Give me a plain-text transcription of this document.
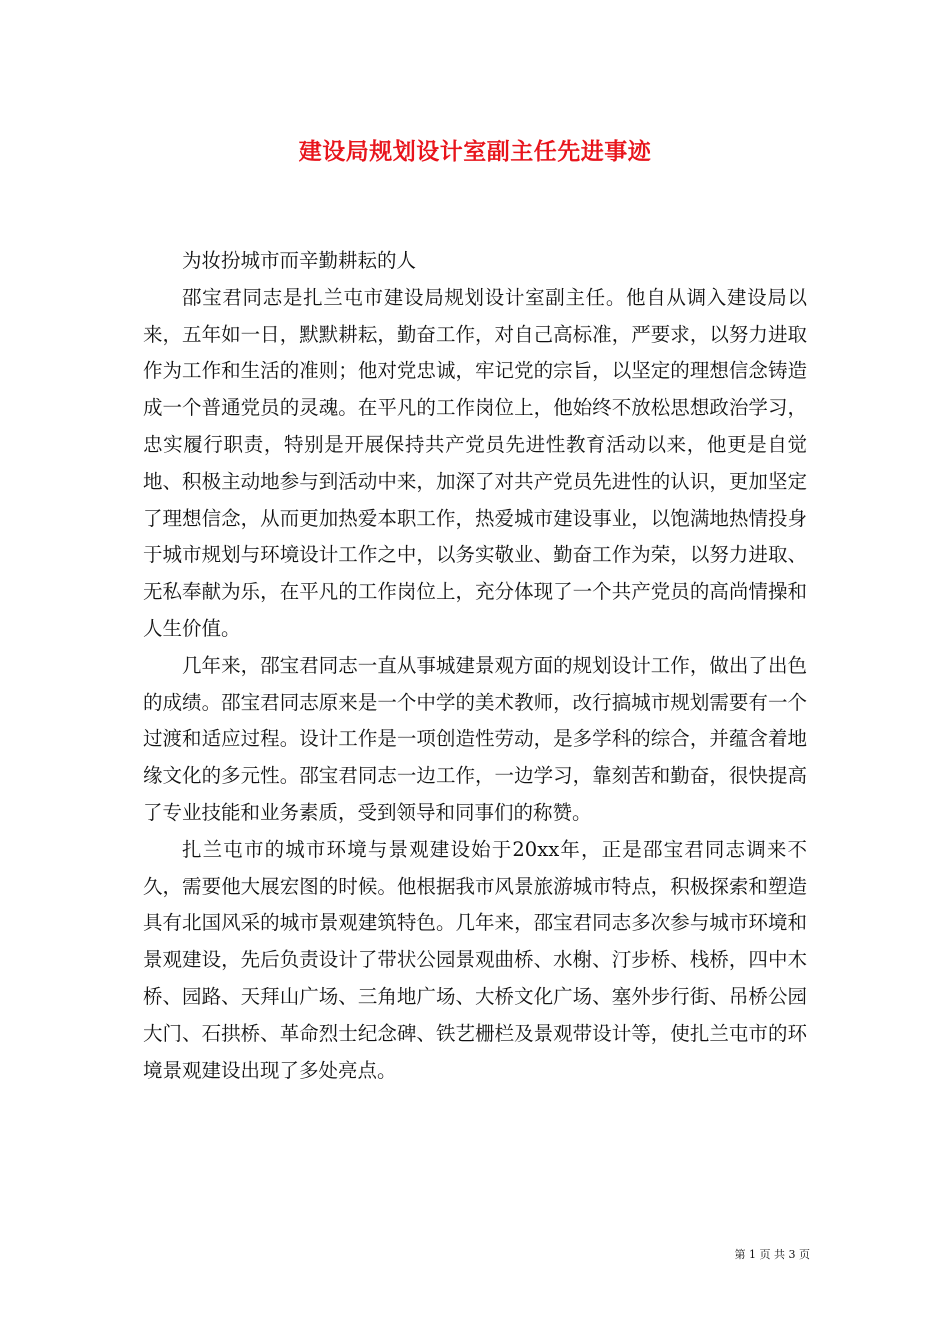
建设局规划设计室副主任先进事迹

为妆扮城市而辛勤耕耘的人

邵宝君同志是扎兰屯市建设局规划设计室副主任。他自从调入建设局以来，五年如一日，默默耕耘，勤奋工作，对自己高标准，严要求，以努力进取作为工作和生活的准则；他对党忠诚，牢记党的宗旨，以坚定的理想信念铸造成一个普通党员的灵魂。在平凡的工作岗位上，他始终不放松思想政治学习，忠实履行职责，特别是开展保持共产党员先进性教育活动以来，他更是自觉地、积极主动地参与到活动中来，加深了对共产党员先进性的认识，更加坚定了理想信念，从而更加热爱本职工作，热爱城市建设事业，以饱满地热情投身于城市规划与环境设计工作之中，以务实敬业、勤奋工作为荣，以努力进取、无私奉献为乐，在平凡的工作岗位上，充分体现了一个共产党员的高尚情操和人生价值。

几年来，邵宝君同志一直从事城建景观方面的规划设计工作，做出了出色的成绩。邵宝君同志原来是一个中学的美术教师，改行搞城市规划需要有一个过渡和适应过程。设计工作是一项创造性劳动，是多学科的综合，并蕴含着地缘文化的多元性。邵宝君同志一边工作，一边学习，靠刻苦和勤奋，很快提高了专业技能和业务素质，受到领导和同事们的称赞。

扎兰屯市的城市环境与景观建设始于20xx年，正是邵宝君同志调来不久，需要他大展宏图的时候。他根据我市风景旅游城市特点，积极探索和塑造具有北国风采的城市景观建筑特色。几年来，邵宝君同志多次参与城市环境和景观建设，先后负责设计了带状公园景观曲桥、水榭、汀步桥、栈桥，四中木桥、园路、天拜山广场、三角地广场、大桥文化广场、塞外步行街、吊桥公园大门、石拱桥、革命烈士纪念碑、铁艺栅栏及景观带设计等，使扎兰屯市的环境景观建设出现了多处亮点。

第 1 页 共 3 页
